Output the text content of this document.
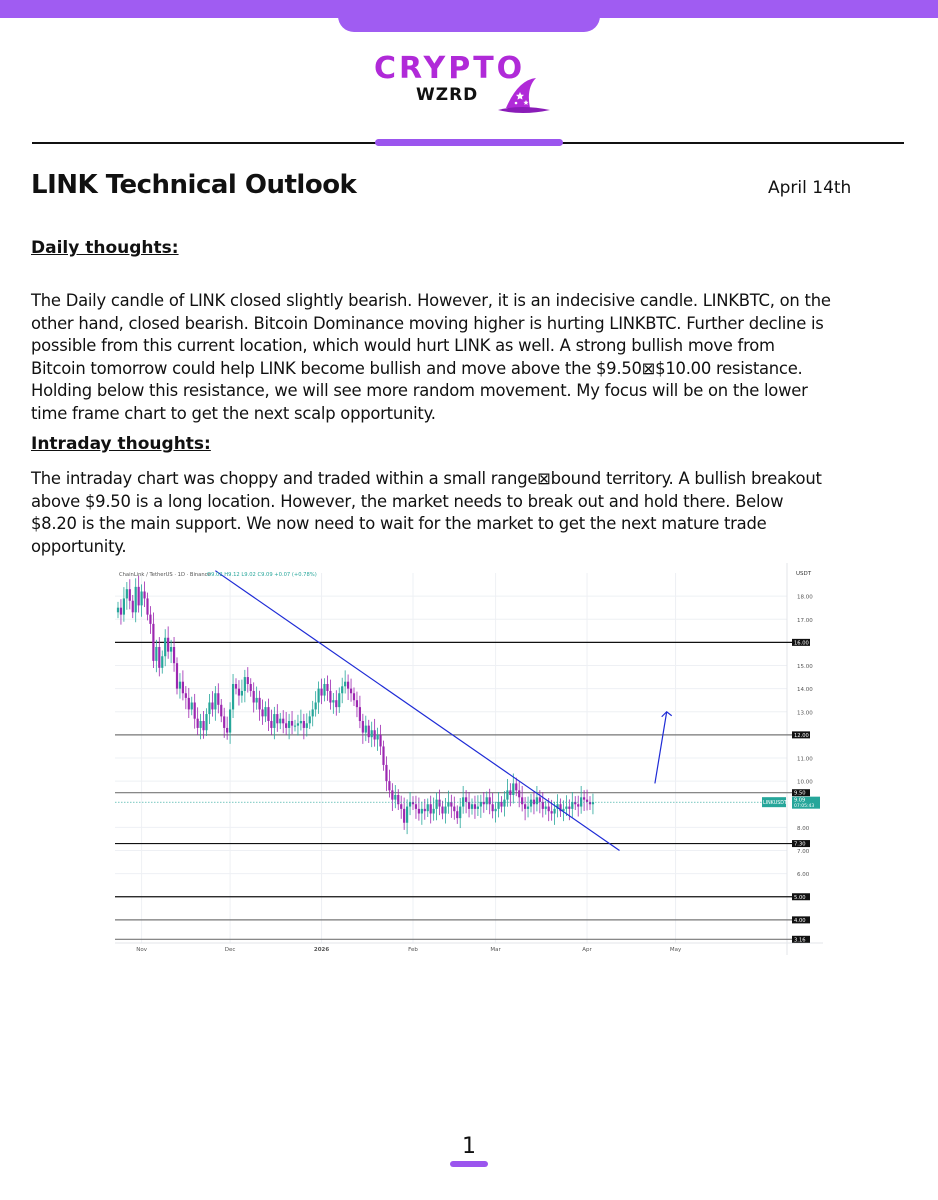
CRYPTO
WZRD
LINK Technical Outlook	April 14th
Daily thoughts:
The Daily candle of LINK closed slightly bearish. However, it is an indecisive candle. LINKBTC, on the
other hand, closed bearish. Bitcoin Dominance moving higher is hurting LINKBTC. Further decline is
possible from this current location, which would hurt LINK as well. A strong bullish move from
Bitcoin tomorrow could help LINK become bullish and move above the $9.50⊠$10.00 resistance.
Holding below this resistance, we will see more random movement. My focus will be on the lower
time frame chart to get the next scalp opportunity.
Intraday thoughts:
The intraday chart was choppy and traded within a small range⊠bound territory. A bullish breakout
above $9.50 is a long location. However, the market needs to break out and hold there. Below
$8.20 is the main support. We now need to wait for the market to get the next mature trade
opportunity.
18.00
17.00
15.00
14.00
13.00
11.00
10.00
8.00
7.00
6.00
16.00
12.00
9.50
7.30
5.00
4.00
3.16
USDT
LINKUSDT 9.09
07:05:43
ChainLink / TetherUS · 1D · Binance
O9.02 H9.12 L9.02 C9.09 +0.07 (+0.78%)
Nov	Dec	2026	Feb	Mar	Apr	May
1
